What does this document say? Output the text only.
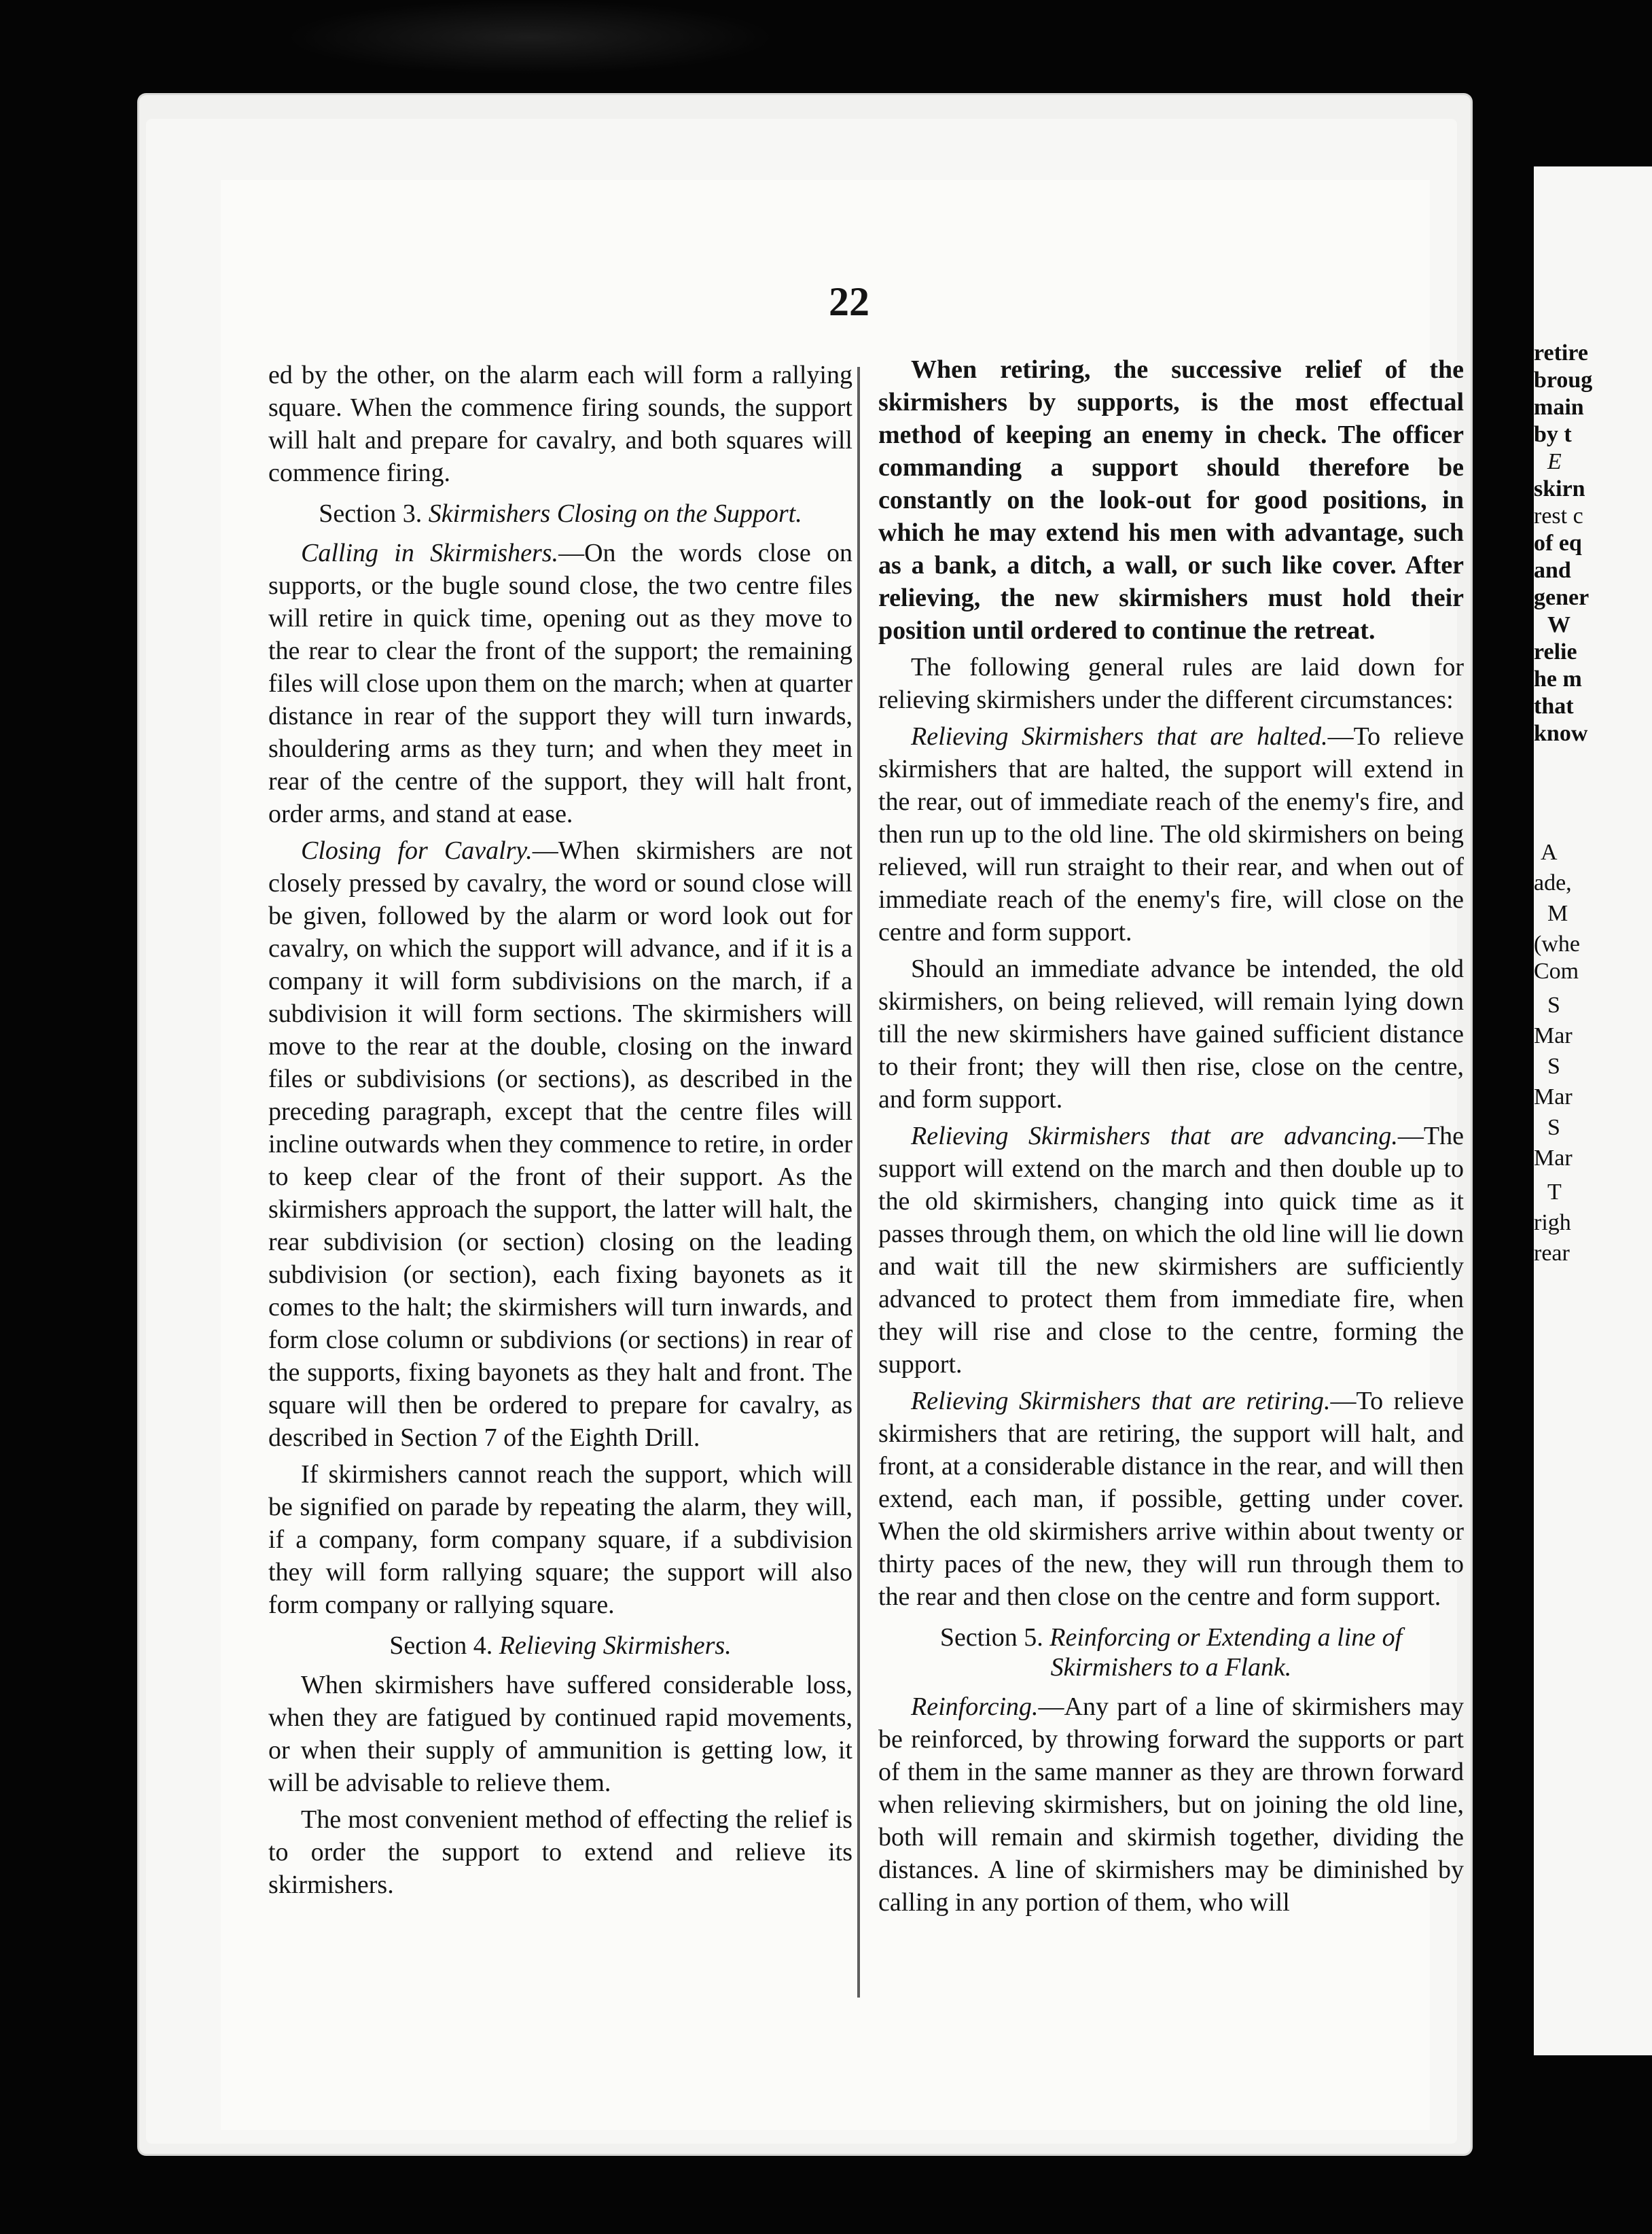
retire
broug
main
by t
E
skirn
rest c
of eq
and
gener
W
relie
he m
that
know
A
ade,
M
(whe
Com
S
Mar
S
Mar
S
Mar
T
righ
rear
22

ed by the other, on the alarm each will form a rallying square. When the commence firing sounds, the support will halt and prepare for cavalry, and both squares will commence firing.

Section 3. Skirmishers Closing on the Support.

Calling in Skirmishers.—On the words close on supports, or the bugle sound close, the two centre files will retire in quick time, opening out as they move to the rear to clear the front of the support; the remaining files will close upon them on the march; when at quarter distance in rear of the support they will turn inwards, shouldering arms as they turn; and when they meet in rear of the centre of the support, they will halt front, order arms, and stand at ease.

Closing for Cavalry.—When skirmishers are not closely pressed by cavalry, the word or sound close will be given, followed by the alarm or word look out for cavalry, on which the support will advance, and if it is a company it will form subdivisions on the march, if a subdivision it will form sections. The skirmishers will move to the rear at the double, closing on the inward files or subdivisions (or sections), as described in the preceding paragraph, except that the centre files will incline outwards when they commence to retire, in order to keep clear of the front of their support. As the skirmishers approach the support, the latter will halt, the rear subdivision (or section) closing on the leading subdivision (or section), each fixing bayonets as it comes to the halt; the skirmishers will turn inwards, and form close column or subdivions (or sections) in rear of the supports, fixing bayonets as they halt and front. The square will then be ordered to prepare for cavalry, as described in Section 7 of the Eighth Drill.

If skirmishers cannot reach the support, which will be signified on parade by repeating the alarm, they will, if a company, form company square, if a subdivision they will form rallying square; the support will also form company or rallying square.

Section 4. Relieving Skirmishers.

When skirmishers have suffered considerable loss, when they are fatigued by continued rapid movements, or when their supply of ammunition is getting low, it will be advisable to relieve them.

The most convenient method of effecting the relief is to order the support to extend and relieve its skirmishers.

When retiring, the successive relief of the skirmishers by supports, is the most effectual method of keeping an enemy in check. The officer commanding a support should therefore be constantly on the look-out for good positions, in which he may extend his men with advantage, such as a bank, a ditch, a wall, or such like cover. After relieving, the new skirmishers must hold their position until ordered to continue the retreat.

The following general rules are laid down for relieving skirmishers under the different circumstances:

Relieving Skirmishers that are halted.—To relieve skirmishers that are halted, the support will extend in the rear, out of immediate reach of the enemy's fire, and then run up to the old line. The old skirmishers on being relieved, will run straight to their rear, and when out of immediate reach of the enemy's fire, will close on the centre and form support.

Should an immediate advance be intended, the old skirmishers, on being relieved, will remain lying down till the new skirmishers have gained sufficient distance to their front; they will then rise, close on the centre, and form support.

Relieving Skirmishers that are advancing.—The support will extend on the march and then double up to the old skirmishers, changing into quick time as it passes through them, on which the old line will lie down and wait till the new skirmishers are sufficiently advanced to protect them from immediate fire, when they will rise and close to the centre, forming the support.

Relieving Skirmishers that are retiring.—To relieve skirmishers that are retiring, the support will halt, and front, at a considerable distance in the rear, and will then extend, each man, if possible, getting under cover. When the old skirmishers arrive within about twenty or thirty paces of the new, they will run through them to the rear and then close on the centre and form support.

Section 5. Reinforcing or Extending a line of Skirmishers to a Flank.

Reinforcing.—Any part of a line of skirmishers may be reinforced, by throwing forward the supports or part of them in the same manner as they are thrown forward when relieving skirmishers, but on joining the old line, both will remain and skirmish together, dividing the distances. A line of skirmishers may be diminished by calling in any portion of them, who will
